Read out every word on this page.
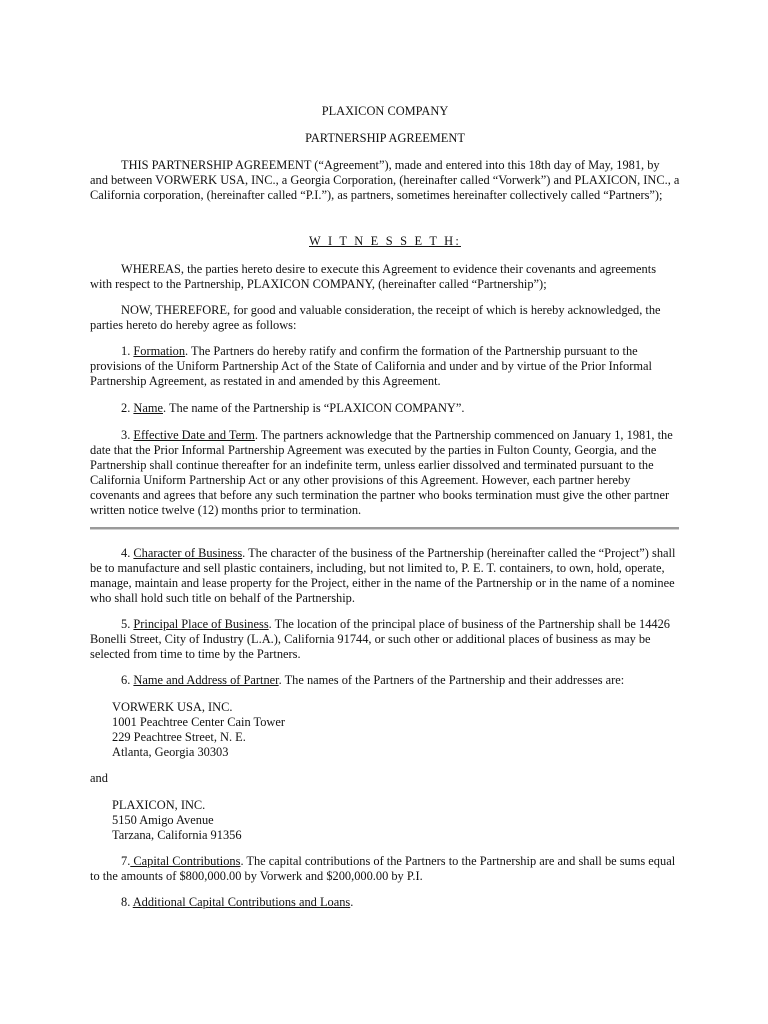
PLAXICON COMPANY
PARTNERSHIP AGREEMENT

THIS PARTNERSHIP AGREEMENT (“Agreement”), made and entered into this 18th day of May, 1981, by and between VORWERK USA, INC., a Georgia Corporation, (hereinafter called “Vorwerk”) and PLAXICON, INC., a California corporation, (hereinafter called “P.I.”), as partners, sometimes hereinafter collectively called “Partners”);

W I T N E S S E T H:

WHEREAS, the parties hereto desire to execute this Agreement to evidence their covenants and agreements with respect to the Partnership, PLAXICON COMPANY, (hereinafter called “Partnership”);

NOW, THEREFORE, for good and valuable consideration, the receipt of which is hereby acknowledged, the parties hereto do hereby agree as follows:

1. Formation. The Partners do hereby ratify and confirm the formation of the Partnership pursuant to the provisions of the Uniform Partnership Act of the State of California and under and by virtue of the Prior Informal Partnership Agreement, as restated in and amended by this Agreement.

2. Name. The name of the Partnership is “PLAXICON COMPANY”.

3. Effective Date and Term. The partners acknowledge that the Partnership commenced on January 1, 1981, the date that the Prior Informal Partnership Agreement was executed by the parties in Fulton County, Georgia, and the Partnership shall continue thereafter for an indefinite term, unless earlier dissolved and terminated pursuant to the California Uniform Partnership Act or any other provisions of this Agreement. However, each partner hereby covenants and agrees that before any such termination the partner who books termination must give the other partner written notice twelve (12) months prior to termination.

4. Character of Business. The character of the business of the Partnership (hereinafter called the “Project”) shall be to manufacture and sell plastic containers, including, but not limited to, P. E. T. containers, to own, hold, operate, manage, maintain and lease property for the Project, either in the name of the Partnership or in the name of a nominee who shall hold such title on behalf of the Partnership.

5. Principal Place of Business. The location of the principal place of business of the Partnership shall be 14426 Bonelli Street, City of Industry (L.A.), California 91744, or such other or additional places of business as may be selected from time to time by the Partners.

6. Name and Address of Partner. The names of the Partners of the Partnership and their addresses are:

VORWERK USA, INC.
1001 Peachtree Center Cain Tower
229 Peachtree Street, N. E.
Atlanta, Georgia 30303
and
PLAXICON, INC.
5150 Amigo Avenue
Tarzana, California 91356

7. Capital Contributions. The capital contributions of the Partners to the Partnership are and shall be sums equal to the amounts of $800,000.00 by Vorwerk and $200,000.00 by P.I.

8. Additional Capital Contributions and Loans.
